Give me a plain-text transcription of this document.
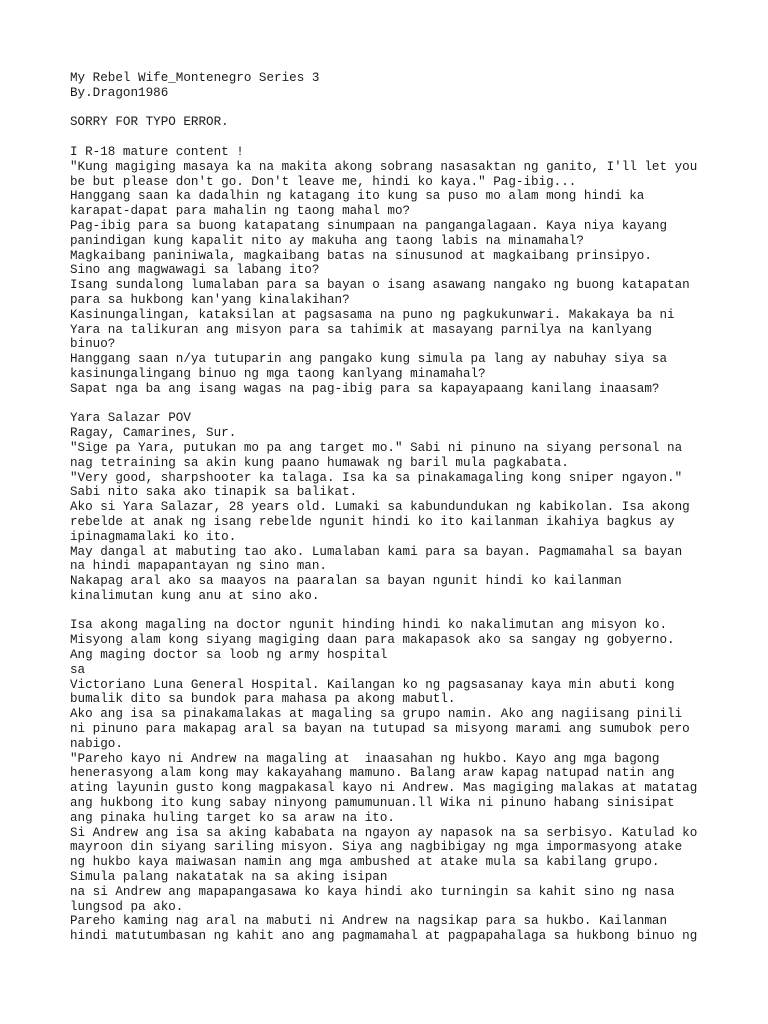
My Rebel Wife_Montenegro Series 3
By.Dragon1986
SORRY FOR TYPO ERROR.
I R-18 mature content !
"Kung magiging masaya ka na makita akong sobrang nasasaktan ng ganito, I'll let you
be but please don't go. Don't leave me, hindi ko kaya." Pag-ibig...
Hanggang saan ka dadalhin ng katagang ito kung sa puso mo alam mong hindi ka
karapat-dapat para mahalin ng taong mahal mo?
Pag-ibig para sa buong katapatang sinumpaan na pangangalagaan. Kaya niya kayang
panindigan kung kapalit nito ay makuha ang taong labis na minamahal?
Magkaibang paniniwala, magkaibang batas na sinusunod at magkaibang prinsipyo.
Sino ang magwawagi sa labang ito?
Isang sundalong lumalaban para sa bayan o isang asawang nangako ng buong katapatan
para sa hukbong kan'yang kinalakihan?
Kasinungalingan, kataksilan at pagsasama na puno ng pagkukunwari. Makakaya ba ni
Yara na talikuran ang misyon para sa tahimik at masayang parnilya na kanlyang
binuo?
Hanggang saan n/ya tutuparin ang pangako kung simula pa lang ay nabuhay siya sa
kasinungalingang binuo ng mga taong kanlyang minamahal?
Sapat nga ba ang isang wagas na pag-ibig para sa kapayapaang kanilang inaasam?
Yara Salazar POV
Ragay, Camarines, Sur.
"Sige pa Yara, putukan mo pa ang target mo." Sabi ni pinuno na siyang personal na
nag tetraining sa akin kung paano humawak ng baril mula pagkabata.
"Very good, sharpshooter ka talaga. Isa ka sa pinakamagaling kong sniper ngayon."
Sabi nito saka ako tinapik sa balikat.
Ako si Yara Salazar, 28 years old. Lumaki sa kabundundukan ng kabikolan. Isa akong
rebelde at anak ng isang rebelde ngunit hindi ko ito kailanman ikahiya bagkus ay
ipinagmamalaki ko ito.
May dangal at mabuting tao ako. Lumalaban kami para sa bayan. Pagmamahal sa bayan
na hindi mapapantayan ng sino man.
Nakapag aral ako sa maayos na paaralan sa bayan ngunit hindi ko kailanman
kinalimutan kung anu at sino ako.
Isa akong magaling na doctor ngunit hinding hindi ko nakalimutan ang misyon ko.
Misyong alam kong siyang magiging daan para makapasok ako sa sangay ng gobyerno.
Ang maging doctor sa loob ng army hospital
sa
Victoriano Luna General Hospital. Kailangan ko ng pagsasanay kaya min abuti kong
bumalik dito sa bundok para mahasa pa akong mabutl.
Ako ang isa sa pinakamalakas at magaling sa grupo namin. Ako ang nagiisang pinili
ni pinuno para makapag aral sa bayan na tutupad sa misyong marami ang sumubok pero
nabigo.
"Pareho kayo ni Andrew na magaling at  inaasahan ng hukbo. Kayo ang mga bagong
henerasyong alam kong may kakayahang mamuno. Balang araw kapag natupad natin ang
ating layunin gusto kong magpakasal kayo ni Andrew. Mas magiging malakas at matatag
ang hukbong ito kung sabay ninyong pamumunuan.ll Wika ni pinuno habang sinisipat
ang pinaka huling target ko sa araw na ito.
Si Andrew ang isa sa aking kababata na ngayon ay napasok na sa serbisyo. Katulad ko
mayroon din siyang sariling misyon. Siya ang nagbibigay ng mga impormasyong atake
ng hukbo kaya maiwasan namin ang mga ambushed at atake mula sa kabilang grupo.
Simula palang nakatatak na sa aking isipan
na si Andrew ang mapapangasawa ko kaya hindi ako turningin sa kahit sino ng nasa
lungsod pa ako.
Pareho kaming nag aral na mabuti ni Andrew na nagsikap para sa hukbo. Kailanman
hindi matutumbasan ng kahit ano ang pagmamahal at pagpapahalaga sa hukbong binuo ng
